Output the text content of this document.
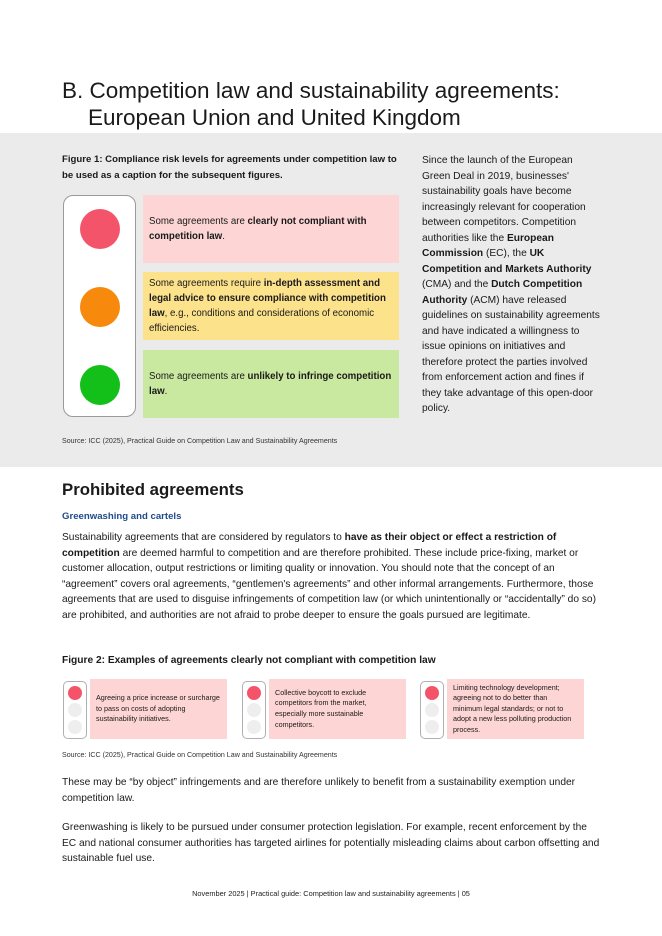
B. Competition law and sustainability agreements:
European Union and United Kingdom
Figure 1: Compliance risk levels for agreements under competition law to be used as a caption for the subsequent figures.
Some agreements are clearly not compliant with competition law.
Some agreements require in-depth assessment and legal advice to ensure compliance with competition law, e.g., conditions and considerations of economic efficiencies.
Some agreements are unlikely to infringe competition law.
Source: ICC (2025), Practical Guide on Competition Law and Sustainability Agreements
Since the launch of the European Green Deal in 2019, businesses' sustainability goals have become increasingly relevant for cooperation between competitors. Competition authorities like the European Commission (EC), the UK Competition and Markets Authority (CMA) and the Dutch Competition Authority (ACM) have released guidelines on sustainability agreements and have indicated a willingness to issue opinions on initiatives and therefore protect the parties involved from enforcement action and fines if they take advantage of this open-door policy.
Prohibited agreements
Greenwashing and cartels

Sustainability agreements that are considered by regulators to have as their object or effect a restriction of competition are deemed harmful to competition and are therefore prohibited. These include price-fixing, market or customer allocation, output restrictions or limiting quality or innovation. You should note that the concept of an “agreement” covers oral agreements, “gentlemen's agreements” and other informal arrangements. Furthermore, those agreements that are used to disguise infringements of competition law (or which unintentionally or “accidentally” do so) are prohibited, and authorities are not afraid to probe deeper to ensure the goals pursued are legitimate.

Figure 2: Examples of agreements clearly not compliant with competition law
Agreeing a price increase or surcharge to pass on costs of adopting sustainability initiatives.
Collective boycott to exclude competitors from the market, especially more sustainable competitors.
Limiting technology development; agreeing not to do better than minimum legal standards; or not to adopt a new less polluting production process.
Source: ICC (2025), Practical Guide on Competition Law and Sustainability Agreements

These may be “by object” infringements and are therefore unlikely to benefit from a sustainability exemption under competition law.

Greenwashing is likely to be pursued under consumer protection legislation. For example, recent enforcement by the EC and national consumer authorities has targeted airlines for potentially misleading claims about carbon offsetting and sustainable fuel use.

November 2025 | Practical guide: Competition law and sustainability agreements | 05
